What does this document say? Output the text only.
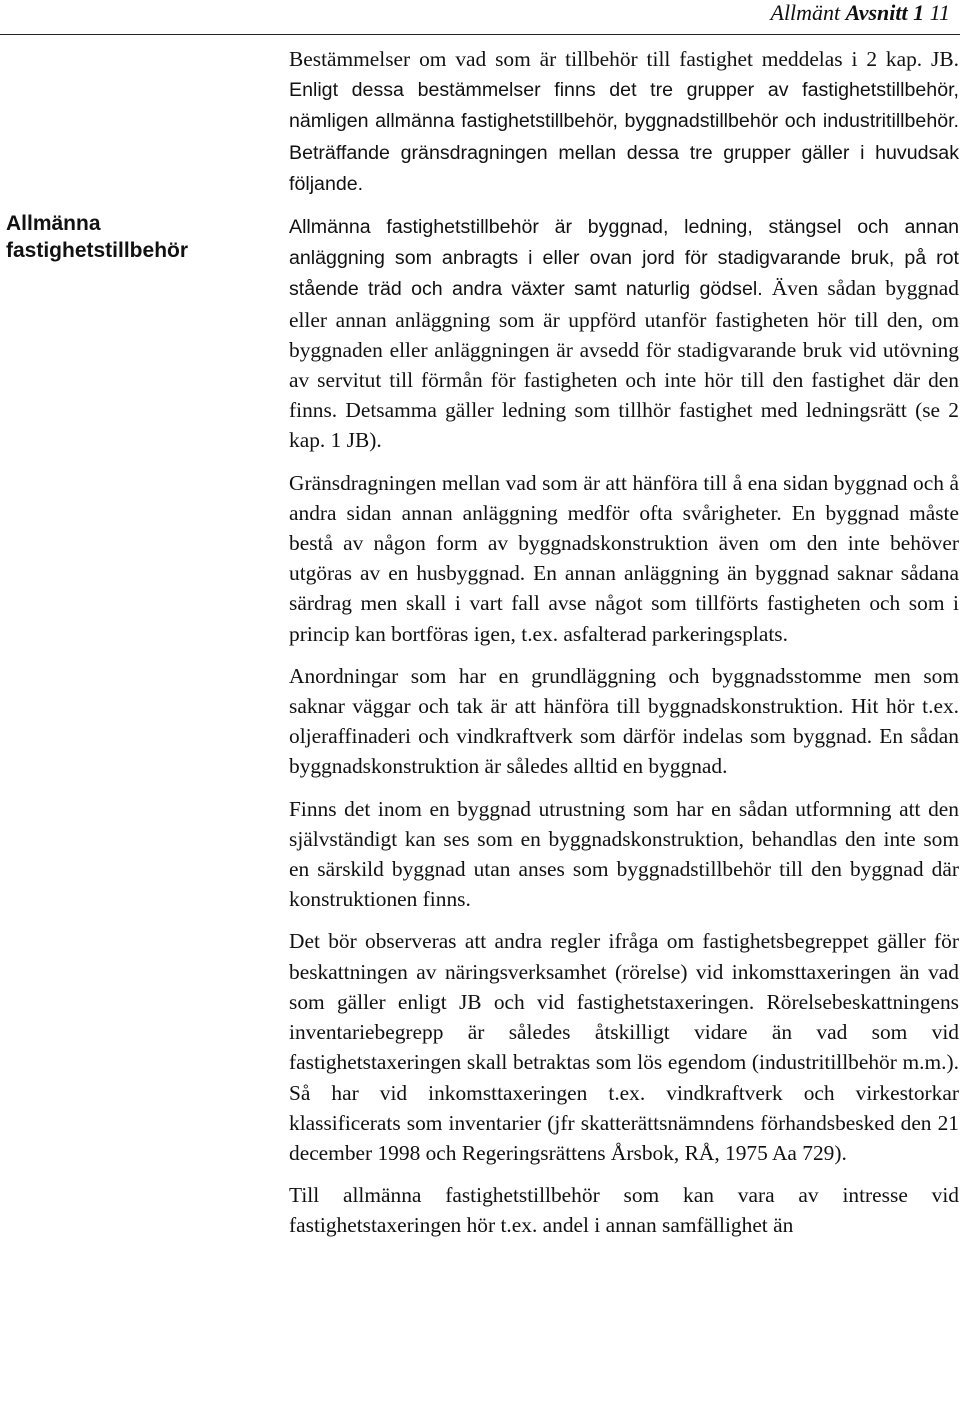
Allmänt Avsnitt 1 11
Allmänna
fastighetstillbehör

Bestämmelser om vad som är tillbehör till fastighet meddelas i 2 kap. JB. Enligt dessa bestämmelser finns det tre grupper av fastighetstillbehör, nämligen allmänna fastighetstillbehör, byggnadstillbehör och industritillbehör. Beträffande gränsdragningen mellan dessa tre grupper gäller i huvudsak följande.

Allmänna fastighetstillbehör är byggnad, ledning, stängsel och annan anläggning som anbragts i eller ovan jord för stadigvarande bruk, på rot stående träd och andra växter samt naturlig gödsel. Även sådan byggnad eller annan anläggning som är uppförd utanför fastigheten hör till den, om byggnaden eller anläggningen är avsedd för stadigvarande bruk vid utövning av servitut till förmån för fastigheten och inte hör till den fastighet där den finns. Detsamma gäller ledning som tillhör fastighet med ledningsrätt (se 2 kap. 1 JB).

Gränsdragningen mellan vad som är att hänföra till å ena sidan byggnad och å andra sidan annan anläggning medför ofta svårigheter. En byggnad måste bestå av någon form av byggnadskonstruktion även om den inte behöver utgöras av en husbyggnad. En annan anläggning än byggnad saknar sådana särdrag men skall i vart fall avse något som tillförts fastigheten och som i princip kan bortföras igen, t.ex. asfalterad parkeringsplats.

Anordningar som har en grundläggning och byggnadsstomme men som saknar väggar och tak är att hänföra till byggnadskonstruktion. Hit hör t.ex. oljeraffinaderi och vindkraftverk som därför indelas som byggnad. En sådan byggnadskonstruktion är således alltid en byggnad.

Finns det inom en byggnad utrustning som har en sådan utformning att den självständigt kan ses som en byggnadskonstruktion, behandlas den inte som en särskild byggnad utan anses som byggnadstillbehör till den byggnad där konstruktionen finns.

Det bör observeras att andra regler ifråga om fastighetsbegreppet gäller för beskattningen av näringsverksamhet (rörelse) vid inkomsttaxeringen än vad som gäller enligt JB och vid fastighetstaxeringen. Rörelsebeskattningens inventariebegrepp är således åtskilligt vidare än vad som vid fastighetstaxeringen skall betraktas som lös egendom (industritillbehör m.m.). Så har vid inkomsttaxeringen t.ex. vindkraftverk och virkestorkar klassificerats som inventarier (jfr skatterättsnämndens förhandsbesked den 21 december 1998 och Regeringsrättens Årsbok, RÅ, 1975 Aa 729).

Till allmänna fastighetstillbehör som kan vara av intresse vid fastighetstaxeringen hör t.ex. andel i annan samfällighet än
